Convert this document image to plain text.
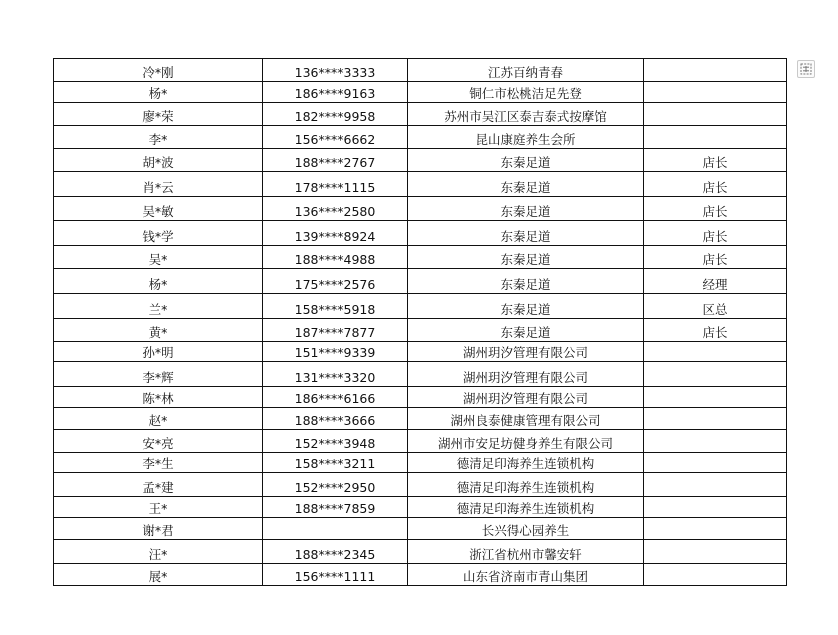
冷*刚	136****3333	江苏百纳青春	
杨*	186****9163	铜仁市松桃洁足先登	
廖*荣	182****9958	苏州市吴江区泰吉泰式按摩馆	
李*	156****6662	昆山康庭养生会所	
胡*波	188****2767	东秦足道	店长
肖*云	178****1115	东秦足道	店长
吴*敏	136****2580	东秦足道	店长
钱*学	139****8924	东秦足道	店长
吴*	188****4988	东秦足道	店长
杨*	175****2576	东秦足道	经理
兰*	158****5918	东秦足道	区总
黄*	187****7877	东秦足道	店长
孙*明	151****9339	湖州玥汐管理有限公司	
李*辉	131****3320	湖州玥汐管理有限公司	
陈*林	186****6166	湖州玥汐管理有限公司	
赵*	188****3666	湖州良泰健康管理有限公司	
安*亮	152****3948	湖州市安足坊健身养生有限公司	
李*生	158****3211	德清足印海养生连锁机构	
孟*建	152****2950	德清足印海养生连锁机构	
王*	188****7859	德清足印海养生连锁机构	
谢*君		长兴得心园养生	
汪*	188****2345	浙江省杭州市馨安轩	
展*	156****1111	山东省济南市青山集团	
